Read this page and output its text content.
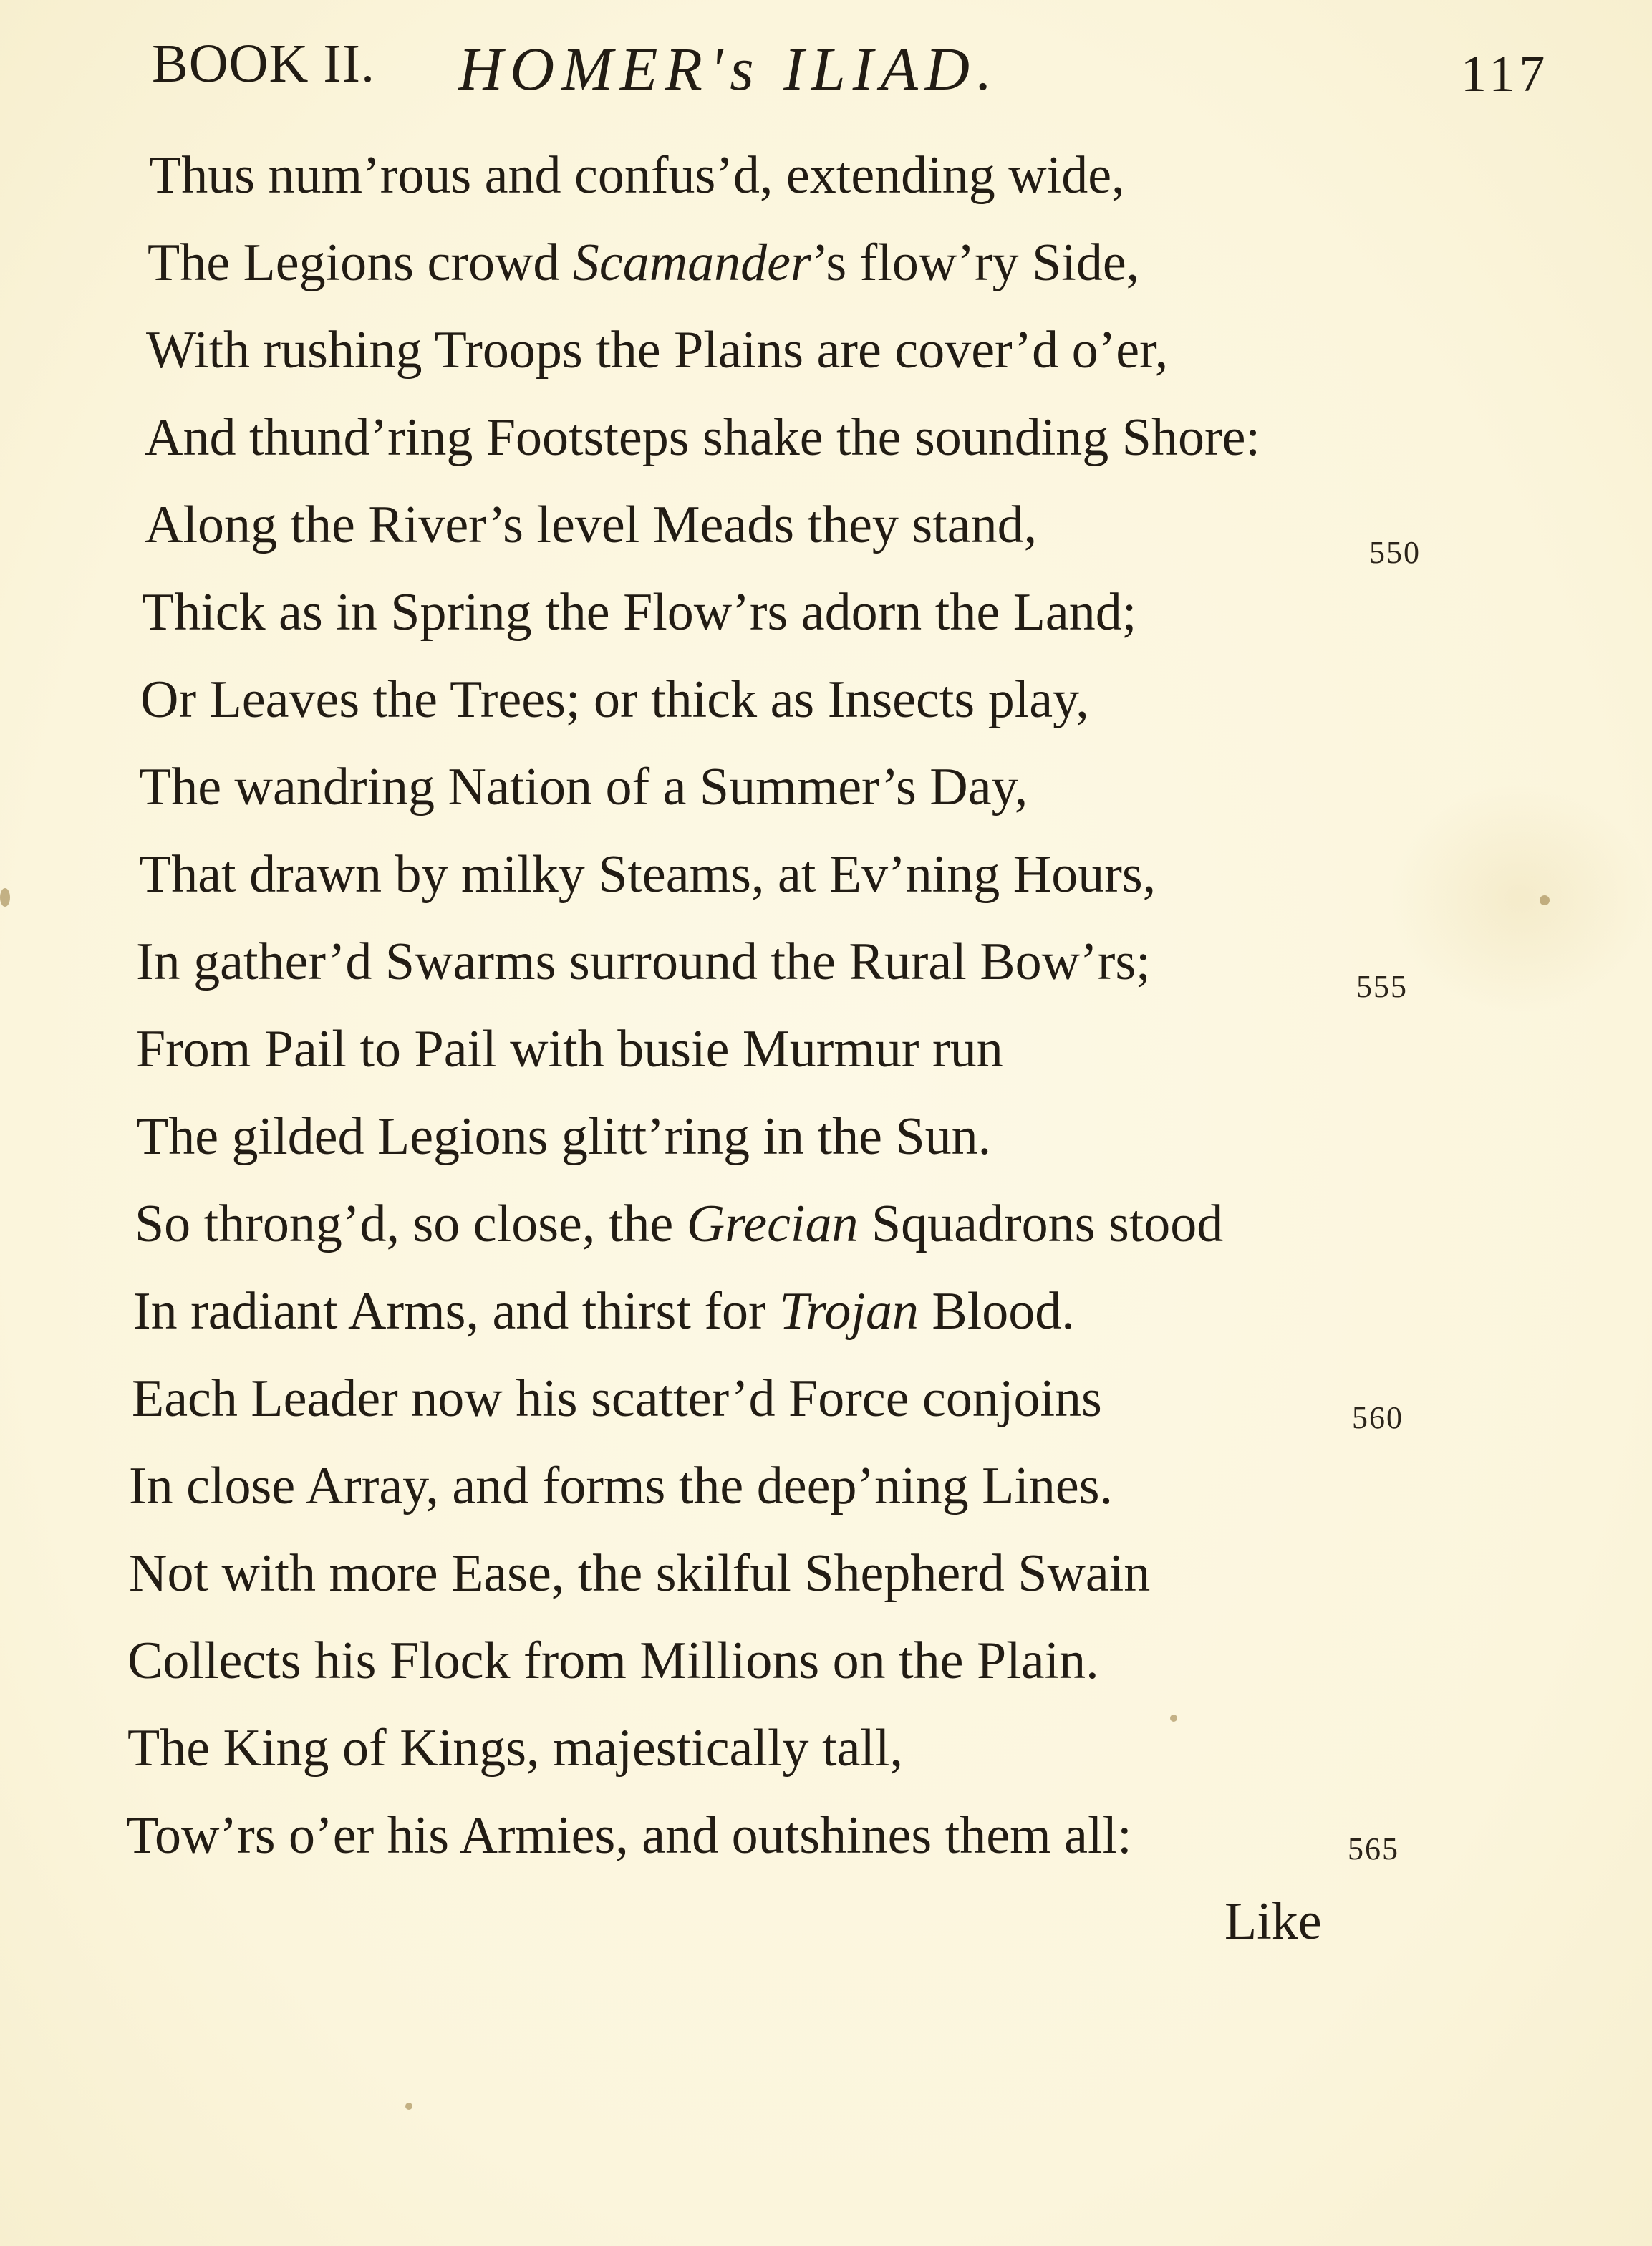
BOOK II. HOMER's ILIAD.	117
Thus num’rous and confus’d, extending wide,
The Legions crowd Scamander’s flow’ry Side,
With rushing Troops the Plains are cover’d o’er,
And thund’ring Footsteps shake the sounding Shore:
Along the River’s level Meads they stand,
Thick as in Spring the Flow’rs adorn the Land;
Or Leaves the Trees; or thick as Insects play,
The wandring Nation of a Summer’s Day,
That drawn by milky Steams, at Ev’ning Hours,
In gather’d Swarms surround the Rural Bow’rs;
From Pail to Pail with busie Murmur run
The gilded Legions glitt’ring in the Sun.
So throng’d, so close, the Grecian Squadrons stood
In radiant Arms, and thirst for Trojan Blood.
Each Leader now his scatter’d Force conjoins
In close Array, and forms the deep’ning Lines.
Not with more Ease, the skilful Shepherd Swain
Collects his Flock from Millions on the Plain.
The King of Kings, majestically tall,
Tow’rs o’er his Armies, and outshines them all:
550
555
560
565
Like
